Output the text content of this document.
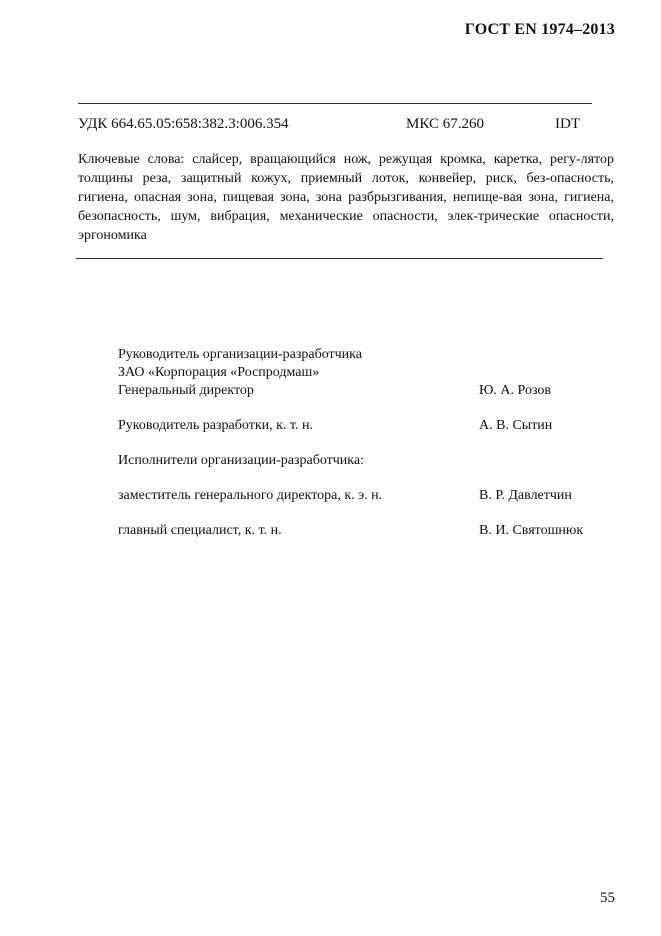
ГОСТ EN 1974–2013
УДК 664.65.05:658:382.3:006.354	МКС 67.260	IDT
Ключевые слова: слайсер, вращающийся нож, режущая кромка, каретка, регу-лятор толщины реза, защитный кожух, приемный лоток, конвейер, риск, без-опасность, гигиена, опасная зона, пищевая зона, зона разбрызгивания, непище-вая зона, гигиена, безопасность, шум, вибрация, механические опасности, элек-трические опасности, эргономика
Руководитель организации-разработчика
ЗАО «Корпорация «Роспродмаш»
Генеральный директор	Ю. А. Розов
Руководитель разработки, к. т. н.	А. В. Сытин
Исполнители организации-разработчика:
заместитель генерального директора, к. э. н.	В. Р. Давлетчин
главный специалист, к. т. н.	В. И. Святошнюк
55
